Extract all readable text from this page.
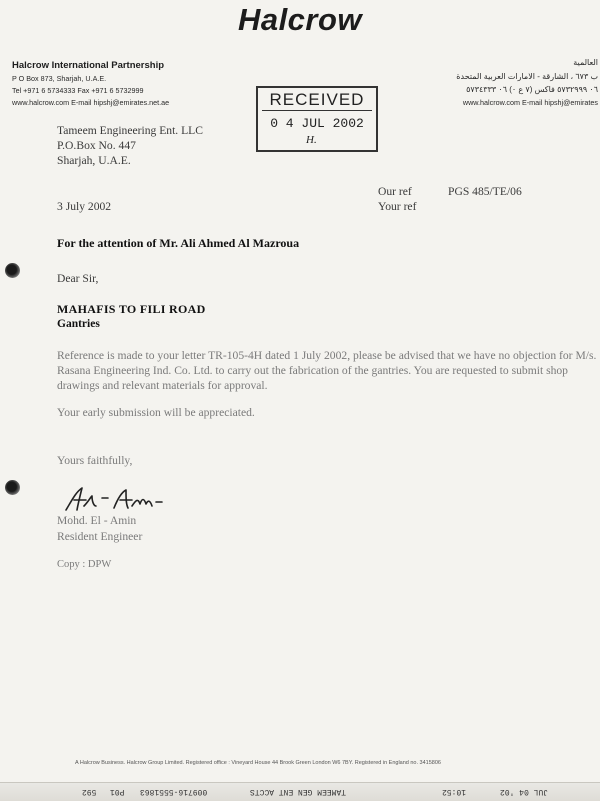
Halcrow
Halcrow International Partnership
P O Box 873, Sharjah, U.A.E.
Tel +971 6 5734333 Fax +971 6 5732999
www.halcrow.com E-mail hipshj@emirates.net.ae
العالمية
ب ٦٧٣ ، الشارقة - الامارات العربية المتحدة
٠٦ ٥٧٣٢٩٩٩ فاكس (٧ ع ٠) ٠٦ ٥٧٣٤٣٣٣
www.halcrow.com E-mail hipshj@emirates
RECEIVED
0 4 JUL 2002
H.
Tameem Engineering Ent. LLC
P.O.Box No. 447
Sharjah, U.A.E.
Our ref	PGS 485/TE/06
Your ref
3 July 2002
For the attention of Mr. Ali Ahmed Al Mazroua
Dear Sir,
MAHAFIS TO FILI ROAD
Gantries
Reference is made to your letter TR-105-4H dated 1 July 2002, please be advised that we have no objection for M/s. Rasana Engineering Ind. Co. Ltd. to carry out the fabrication of the gantries. You are requested to submit shop drawings and relevant materials for approval.
Your early submission will be appreciated.
Yours faithfully,
Mohd. El - Amin
Resident Engineer
Copy : DPW
A Halcrow Business. Halcrow Group Limited. Registered office : Vineyard House 44 Brook Green London W6 7BY. Registered in England no. 3415806
JUL 04 '02
10:52
P01
592	TAMEEM GEN ENT ACCTS
009716-5551863
